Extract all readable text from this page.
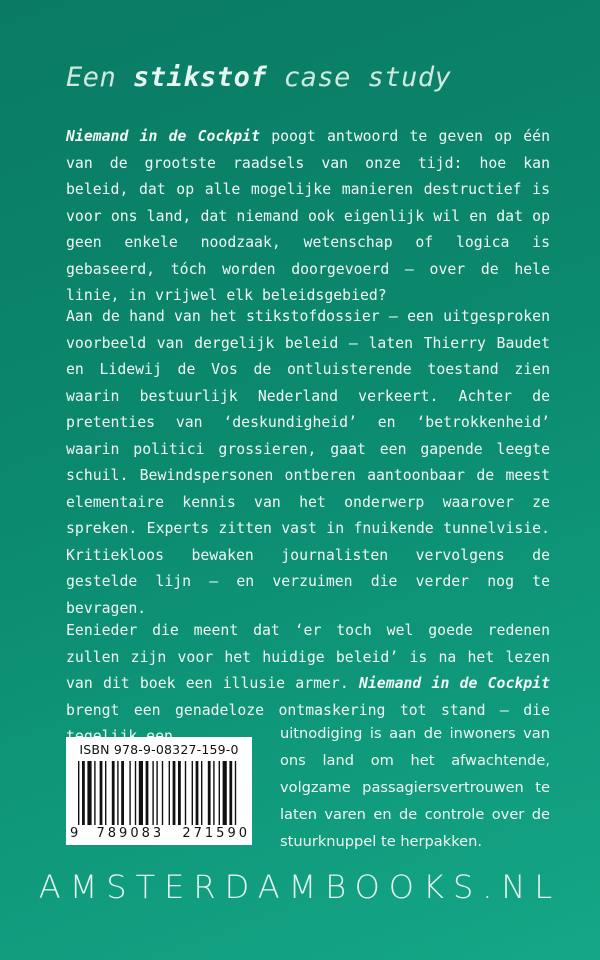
Een stikstof case study
Niemand in de Cockpit poogt antwoord te geven op één van de grootste raadsels van onze tijd: hoe kan beleid, dat op alle mogelijke manieren destructief is voor ons land, dat niemand ook eigenlijk wil en dat op geen enkele noodzaak, wetenschap of logica is gebaseerd, tóch worden doorgevoerd – over de hele linie, in vrijwel elk beleidsgebied?
Aan de hand van het stikstofdossier – een uitgesproken voorbeeld van dergelijk beleid – laten Thierry Baudet en Lidewij de Vos de ontluisterende toestand zien waarin bestuurlijk Nederland verkeert. Achter de pretenties van ‘deskundigheid’ en ‘betrokkenheid’ waarin politici grossieren, gaat een gapende leegte schuil. Bewindspersonen ontberen aantoonbaar de meest elementaire kennis van het onderwerp waarover ze spreken. Experts zitten vast in fnuikende tunnelvisie. Kritiekloos bewaken journalisten vervolgens de gestelde lijn – en verzuimen die verder nog te bevragen.
Eenieder die meent dat ‘er toch wel goede redenen zullen zijn voor het huidige beleid’ is na het lezen van dit boek een illusie armer. Niemand in de Cockpit brengt een genadeloze ontmaskering tot stand – die
uitnodiging is aan de inwoners van ons land om het afwachtende, volgzame passagiersvertrouwen te laten varen en de controle over de stuurknuppel te herpakken.
ISBN 978-9-08327-159-0
9 789083 271590
AMSTERDAMBOOKS.NL
